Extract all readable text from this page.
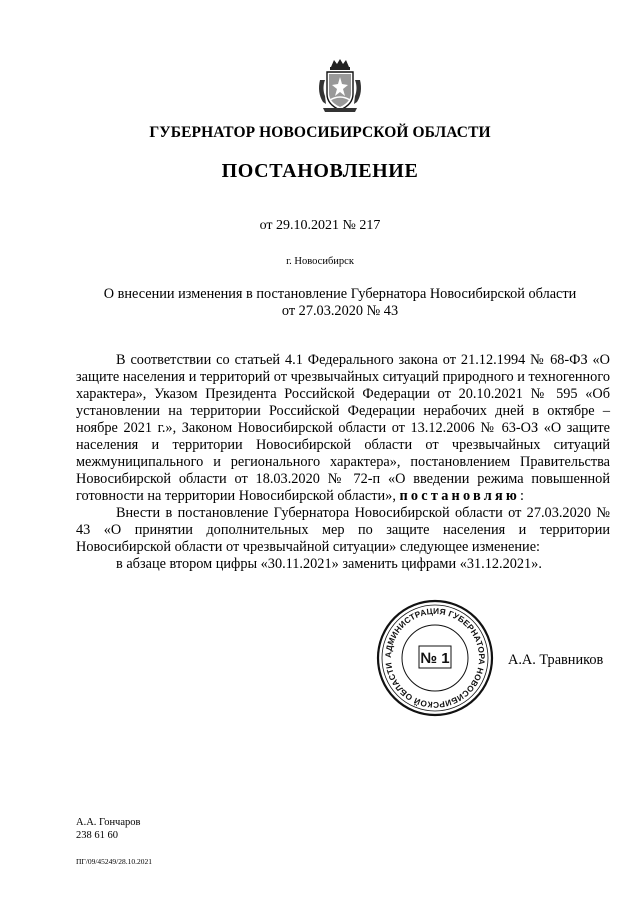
ГУБЕРНАТОР НОВОСИБИРСКОЙ ОБЛАСТИ
ПОСТАНОВЛЕНИЕ
от 29.10.2021 № 217
г. Новосибирск
О внесении изменения в постановление Губернатора Новосибирской области
от 27.03.2020 № 43

В соответствии со статьей 4.1 Федерального закона от 21.12.1994 № 68-ФЗ «О защите населения и территорий от чрезвычайных ситуаций природного и техногенного характера», Указом Президента Российской Федерации от 20.10.2021 № 595 «Об установлении на территории Российской Федерации нерабочих дней в октябре – ноябре 2021 г.», Законом Новосибирской области от 13.12.2006 № 63-ОЗ «О защите населения и территории Новосибирской области от чрезвычайных ситуаций межмуниципального и регионального характера», постановлением Правительства Новосибирской области от 18.03.2020 № 72-п «О введении режима повышенной готовности на территории Новосибирской области», постановляю:

Внести в постановление Губернатора Новосибирской области от 27.03.2020 № 43 «О принятии дополнительных мер по защите населения и территории Новосибирской области от чрезвычайной ситуации» следующее изменение:

в абзаце втором цифры «30.11.2021» заменить цифрами «31.12.2021».

АДМИНИСТРАЦИЯ ГУБЕРНАТОРА НОВОСИБИРСКОЙ ОБЛАСТИ	№ 1	А.А. Травников
А.А. Гончаров
238 61 60
ПГ/09/45249/28.10.2021
